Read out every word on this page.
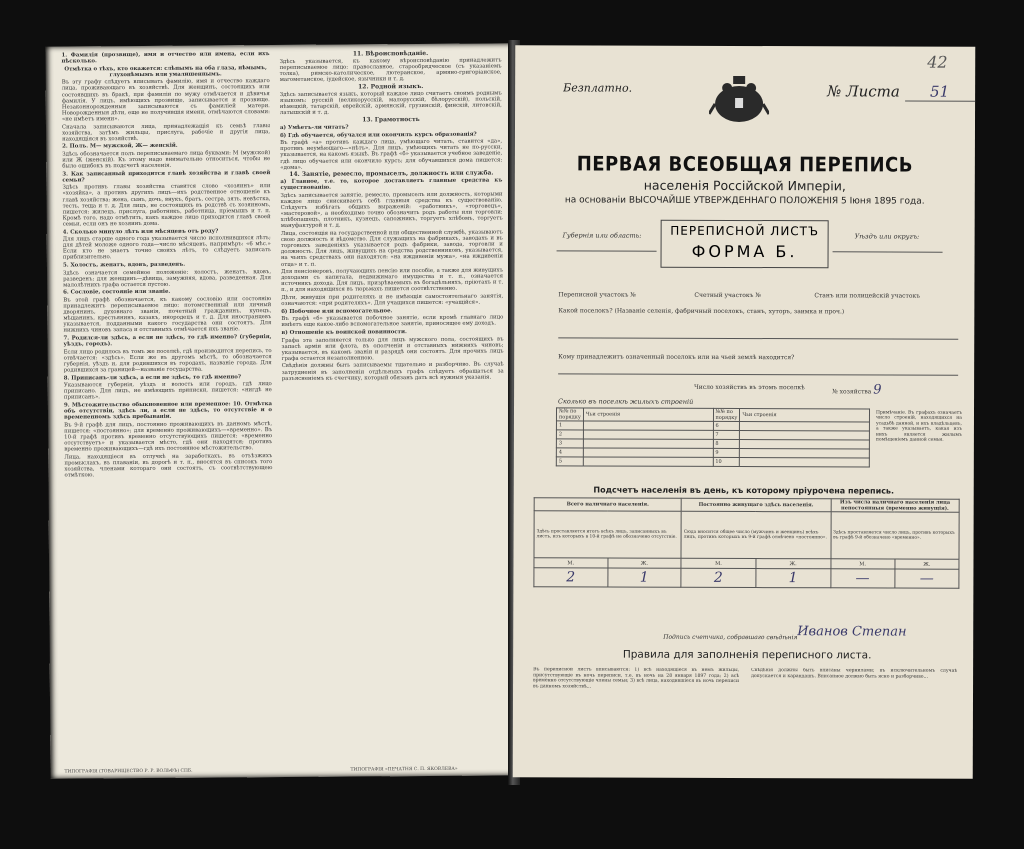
1. Фамилія (прозвище), имя и отчество или имена, если ихъ нѣсколько.

Отмѣтка о тѣхъ, кто окажется: слѣпымъ на оба глаза, нѣмымъ, глухонѣмымъ или умалишеннымъ.

Въ эту графу слѣдуетъ вписывать фамилію, имя и отчество каждаго лица, проживающаго въ хозяйствѣ. Для женщинъ, состоящихъ или состоявшихъ въ бракѣ, при фамиліи по мужу отмѣчается и дѣвичья фамилія. У лицъ, имѣющихъ прозвище, записывается и прозвище. Незаконнорожденныя записываются съ фамиліей матери. Новорожденныя дѣти, еще не получившія имени, отмѣчаются словами: «не имѣетъ имени».

Сначала записываются лица, принадлежащія къ семьѣ главы хозяйства, затѣмъ жильцы, прислуга, рабочіе и другія лица, находящіяся въ хозяйствѣ.

2. Полъ. М— мужской, Ж— женскій.

Здѣсь обозначается полъ переписываемаго лица буквами: М (мужской) или Ж (женскій). Къ этому надо внимательно относиться, чтобы не было ошибокъ въ подсчетѣ населенія.

3. Как записанный приходится главѣ хозяйства и главѣ своей семьи?

Здѣсь противъ главы хозяйства ставится слово «хозяинъ» или «хозяйка», а противъ другихъ лицъ—ихъ родственное отношеніе къ главѣ хозяйства: жена, сынъ, дочь, внукъ, братъ, сестра, зять, невѣстка, тесть, теща и т. д. Для лицъ, не состоящихъ въ родствѣ съ хозяиномъ, пишется: жилецъ, прислуга, работникъ, работница, пріемышъ и т. п. Кромѣ того, надо отмѣтить, какъ каждое лицо приходится главѣ своей семьи, если онъ не хозяинъ дома.

4. Сколько минуло лѣтъ или мѣсяцевъ отъ роду?

Для лицъ старше одного года указывается число исполнившихся лѣтъ; для дѣтей моложе одного года—число мѣсяцевъ, напримѣръ: «6 мѣс.» Если кто не знаетъ точно своихъ лѣтъ, то слѣдуетъ записать приблизительно.

5. Холостъ, женатъ, вдовъ, разведенъ.

Здѣсь означается семейное положеніе: холостъ, женатъ, вдовъ, разведенъ; для женщинъ—дѣвица, замужняя, вдова, разведенная. Для малолѣтнихъ графа остается пустою.

6. Сословіе, состояніе или званіе.

Въ этой графѣ обозначается, къ какому сословію или состоянію принадлежитъ переписываемое лицо: потомственный или личный дворянинъ, духовнаго званія, почетный гражданинъ, купецъ, мѣщанинъ, крестьянинъ, казакъ, инородецъ и т. д. Для иностранцевъ указывается, подданными какого государства они состоятъ. Для нижнихъ чиновъ запаса и отставныхъ отмѣчается ихъ званіе.

7. Родился-ли здѣсь, а если не здѣсь, то гдѣ именно? (губернія, уѣздъ, городъ).

Если лицо родилось въ томъ же поселкѣ, гдѣ производится перепись, то отвѣчается: «здѣсь». Если же въ другомъ мѣстѣ, то обозначается губернія, уѣздъ и, для родившихся въ городахъ, названіе города. Для родившихся за границей—названіе государства.

8. Приписанъ-ли здѣсь, а если не здѣсь, то гдѣ именно?

Указываются губернія, уѣздъ и волость или городъ, гдѣ лицо приписано. Для лицъ, не имѣющихъ приписки, пишется: «нигдѣ не приписанъ».

9. Мѣстожительство обыкновенное или временное: 10. Отмѣтка объ отсутствіи, здѣсь ли, а если не здѣсь, то отсутствіе и о времененномъ здѣсь пребываніи.

Въ 9-й графѣ для лицъ, постоянно проживающихъ въ данномъ мѣстѣ, пишется: «постоянно»; для временно проживающихъ—«временно». Въ 10-й графѣ противъ временно отсутствующихъ пишется: «временно отсутствуетъ» и указывается мѣсто, гдѣ они находятся; противъ временно проживающихъ—гдѣ ихъ постоянное мѣстожительство.

Лица, находящіеся въ отлучкѣ на заработкахъ, въ отъѣзжихъ промыслахъ, въ плаваніи, въ дорогѣ и т. п., вносятся въ списокъ того хозяйства, членами котораго они состоятъ, съ соотвѣтствующею отмѣткою.

11. Вѣроисповѣданіе.

Здѣсь указывается, къ какому вѣроисповѣданію принадлежитъ переписываемое лицо: православное, старообрядческое (съ указаніемъ толка), римско-католическое, лютеранское, армяно-григоріанское, магометанское, іудейское, язычники и т. д.

12. Родной языкъ.

Здѣсь записывается языкъ, который каждое лицо считаетъ своимъ роднымъ языкомъ: русскій (великорусскій, малорусскій, бѣлорусскій), польскій, нѣмецкій, татарскій, еврейскій, армянскій, грузинскій, финскій, литовскій, латышскій и т. д.

13. Грамотность

а) Умѣетъ-ли читать?

б) Гдѣ обучается, обучался или окончилъ курсъ образованія?

Въ графѣ «а» противъ каждаго лица, умѣющаго читать, ставится «да», противъ неумѣющаго—«нѣтъ». Для лицъ, умѣющихъ читать не по-русски, указывается, на какомъ языкѣ. Въ графѣ «б» указывается учебное заведеніе, гдѣ лицо обучается или окончило курсъ; для обучавшихся дома пишется: «дома».

14. Занятіе, ремесло, промыселъ, должность или служба.

а) Главное, т.е. то, которое доставляетъ главные средства къ существованію.

Здѣсь записывается занятіе, ремесло, промыселъ или должность, которыми каждое лицо снискиваетъ себѣ главныя средства къ существованію. Слѣдуетъ избѣгать общихъ выраженій: «работникъ», «торговецъ», «мастеровой», а необходимо точно обозначить родъ работы или торговли: хлѣбопашецъ, плотникъ, кузнецъ, сапожникъ, торгуетъ хлѣбомъ, торгуетъ мануфактурой и т. д.

Лица, состоящія на государственной или общественной службѣ, указываютъ свою должность и вѣдомство. Для служащихъ на фабрикахъ, заводахъ и въ торговыхъ заведеніяхъ указывается родъ фабрики, завода, торговли и должность. Для лицъ, живущихъ на средства родственниковъ, указывается, на чьихъ средствахъ они находятся: «на иждивеніи мужа», «на иждивеніи отца» и т. п.

Для пенсіонеровъ, получающихъ пенсію или пособіе, а также для живущихъ доходами съ капитала, недвижимаго имущества и т. п., означается источникъ дохода. Для лицъ, призрѣваемыхъ въ богадѣльняхъ, пріютахъ и т. п., и для находящихся въ тюрьмахъ пишется соотвѣтственно.

Дѣти, живущія при родителяхъ и не имѣющія самостоятельнаго занятія, означаются: «при родителяхъ». Для учащихся пишется: «учащійся».

б) Побочное или вспомогательное.

Въ графѣ «б» указывается побочное занятіе, если кромѣ главнаго лицо имѣетъ еще какое-либо вспомогательное занятіе, приносящее ему доходъ.

в) Отношеніе къ воинской повинности.

Графа эта заполняется только для лицъ мужского пола, состоящихъ въ запасѣ арміи или флота, въ ополченіи и отставныхъ нижнихъ чиновъ; указывается, въ какомъ званіи и разрядѣ они состоятъ. Для прочихъ лицъ графа остается незаполненною.

Свѣдѣнія должны быть записываемы тщательно и разборчиво. Въ случаѣ затрудненія въ заполненіи отдѣльныхъ графъ слѣдуетъ обращаться за разъясненіемъ къ счетчику, который обязанъ дать всѣ нужныя указанія.

ТИПОГРАФІЯ (ТОВАРИЩЕСТВО Р. Р. ВОЛЬФЪ) СПБ.	ТИПОГРАФІЯ «ПЕЧАТНЯ С. П. ЯКОВЛЕВА»
42
Безплатно.	№ Листа 51
ПЕРВАЯ ВСЕОБЩАЯ ПЕРЕПИСЬ
населенія Россійской Имперіи,
на основаніи ВЫСОЧАЙШЕ УТВЕРЖДЕННАГО ПОЛОЖЕНІЯ 5 Іюня 1895 года.
ПЕРЕПИСНОЙ ЛИСТЪ
ФОРМА Б.
Губернія или область:	Уѣздъ или округъ:
Переписной участокъ №	Счетный участокъ №	Станъ или полицейскій участокъ
Какой поселокъ? (Названіе селенія, фабричный поселокъ, станъ, хуторъ, заимка и проч.)
Кому принадлежитъ означенный поселокъ или на чьей землѣ находится?
Число хозяйствъ въ этомъ поселкѣ
№ хозяйства 9
Сколько въ поселкѣ жилыхъ строеній
№№ по порядку	Чьи строенія	№№ по порядку	Чьи строенія
1		6	
2		7	
3		8	
4		9	
5		10	
Примѣчаніе. Въ графахъ означаетъ число строеній, находящихся на усадьбѣ данной, и ихъ владѣльцевъ, а также указываетъ, какая изъ нихъ является жилымъ помѣщеніемъ данной семьи.
Подсчетъ населенія въ день, къ которому пріурочена перепись.
Всего наличнаго населенія.		Постоянно живущаго здѣсь населенія.		Изъ числа наличнаго населенія лица непостоянныя (временно живущія).	
Здѣсь проставляется итогъ всѣхъ лицъ, записанныхъ въ листъ, изъ которыхъ в 10-й графѣ не обозначено отсутствіе.		Сюда вносится общее число (мужчинъ и женщинъ) всѣхъ лицъ, противъ которыхъ въ 9-й графѣ отмѣчено «постоянно».		Здѣсь проставляется число лицъ, противъ которыхъ въ графѣ 9-й обозначено «временно».	
М.	Ж.	М.	Ж.	М.	Ж.
2	1	2	1	—	—
Подпись счетчика, собравшаго свѣдѣнія Иванов Степан
Правила для заполненія переписного листа.
Въ переписной листъ вписываются: 1) всѣ находящіеся въ немъ жильцы, присутствующіе въ ночь переписи, т.е. въ ночь на 28 января 1897 года; 2) всѣ временно отсутствующіе члены семьи; 3) всѣ лица, находившіеся въ ночь переписи въ данномъ хозяйствѣ...
Свѣдѣнія должны быть вписаны чернилами; въ исключительномъ случаѣ допускается и карандашъ. Вписанное должно быть ясно и разборчиво...
